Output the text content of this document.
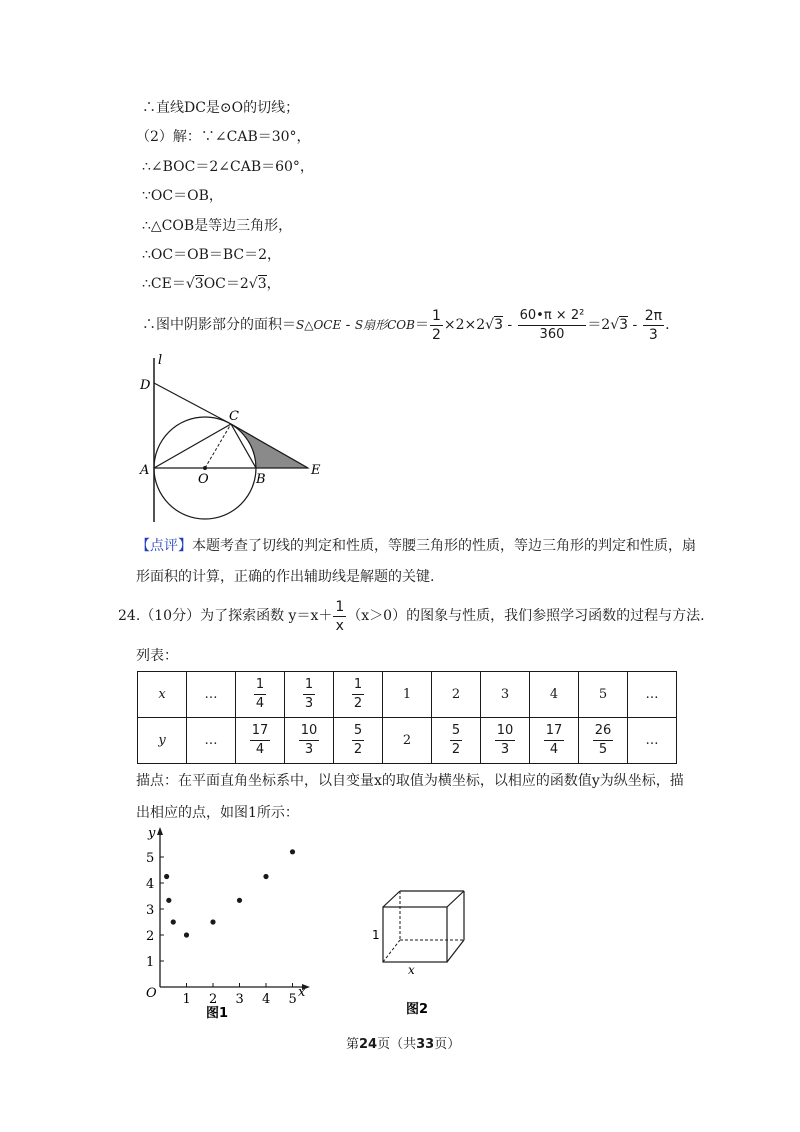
∴直线DC是⊙O的切线；
（2）解：∵∠CAB＝30°，
∴∠BOC＝2∠CAB＝60°，
∵OC＝OB，
∴△COB是等边三角形，
∴OC＝OB＝BC＝2，
∴CE＝√3OC＝2√3，
∴图中阴影部分的面积＝S△OCE - S扇形$COB= \frac{1}{2} \times 2\times 2√3 - \frac{\text{60•π × 2²}}{360} =2√3 - \frac{2\pi}{3}$ .
l
D
C
A
O	B
E
【点评】本题考查了切线的判定和性质，等腰三角形的性质，等边三角形的判定和性质，扇
形面积的计算，正确的作出辅助线是解题的关键.
24.（10分）为了探索函数 $y=x+ \frac{1}{x} (x>0)$的图象与性质，我们参照学习函数的过程与方法.
列表：
x	…	$\frac{1}{4}$	$\frac{1}{3}$	$\frac{1}{2}$	1	2	3	4	5	…
y	…	$\frac{17}{4}$	$\frac{10}{3}$	$\frac{5}{2}$	2	$\frac{5}{2}$	$\frac{10}{3}$	$\frac{17}{4}$	$\frac{26}{5}$	…
描点：在平面直角坐标系中，以自变量x的取值为横坐标，以相应的函数值y为纵坐标，描
出相应的点，如图1所示：
y
x
O 1 2 3 4 5
1
2
3
4
5
图1
1
x
图2
第24页（共33页）
